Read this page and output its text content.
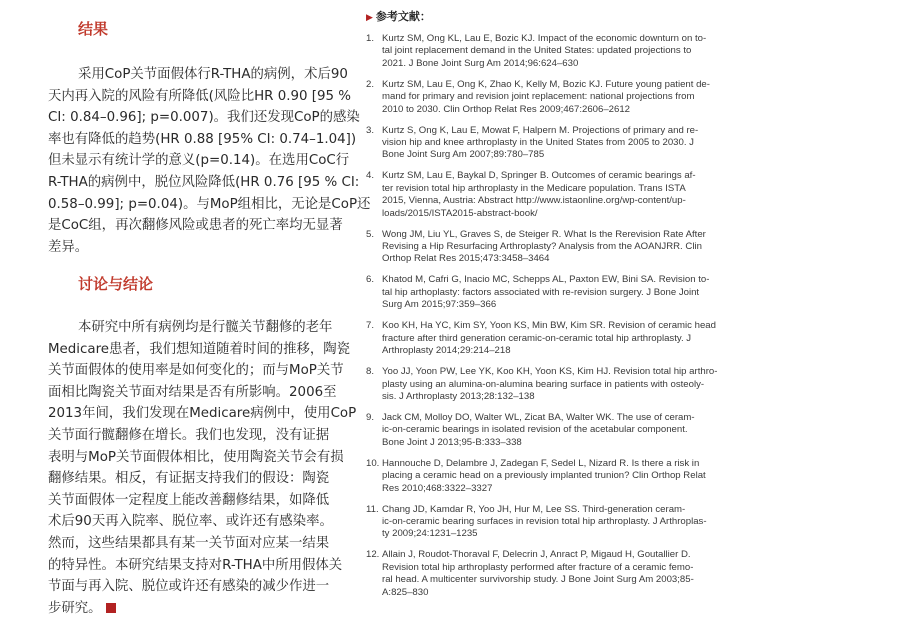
结果
采用CoP关节面假体行R-THA的病例，术后90
天内再入院的风险有所降低(风险比HR 0.90 [95 %
CI: 0.84–0.96]; p=0.007)。我们还发现CoP的感染
率也有降低的趋势(HR 0.88 [95% CI: 0.74–1.04])
但未显示有统计学的意义(p=0.14)。在选用CoC行
R-THA的病例中，脱位风险降低(HR 0.76 [95 % CI:
0.58–0.99]; p=0.04)。与MoP组相比，无论是CoP还
是CoC组，再次翻修风险或患者的死亡率均无显著
差异。
讨论与结论
本研究中所有病例均是行髋关节翻修的老年
Medicare患者，我们想知道随着时间的推移，陶瓷
关节面假体的使用率是如何变化的；而与MoP关节
面相比陶瓷关节面对结果是否有所影响。2006至
2013年间，我们发现在Medicare病例中，使用CoP
关节面行髋翻修在增长。我们也发现，没有证据
表明与MoP关节面假体相比，使用陶瓷关节会有损
翻修结果。相反，有证据支持我们的假设：陶瓷
关节面假体一定程度上能改善翻修结果，如降低
术后90天再入院率、脱位率、或许还有感染率。
然而，这些结果都具有某一关节面对应某一结果
的特异性。本研究结果支持对R-THA中所用假体关
节面与再入院、脱位或许还有感染的减少作进一
步研究。
▶ 参考文献：
1. Kurtz SM, Ong KL, Lau E, Bozic KJ. Impact of the economic downturn on to-
tal joint replacement demand in the United States: updated projections to
2021. J Bone Joint Surg Am 2014;96:624–630
2. Kurtz SM, Lau E, Ong K, Zhao K, Kelly M, Bozic KJ. Future young patient de-
mand for primary and revision joint replacement: national projections from
2010 to 2030. Clin Orthop Relat Res 2009;467:2606–2612
3. Kurtz S, Ong K, Lau E, Mowat F, Halpern M. Projections of primary and re-
vision hip and knee arthroplasty in the United States from 2005 to 2030. J
Bone Joint Surg Am 2007;89:780–785
4. Kurtz SM, Lau E, Baykal D, Springer B. Outcomes of ceramic bearings af-
ter revision total hip arthroplasty in the Medicare population. Trans ISTA
2015, Vienna, Austria: Abstract http://www.istaonline.org/wp-content/up-
loads/2015/ISTA2015-abstract-book/
5. Wong JM, Liu YL, Graves S, de Steiger R. What Is the Rerevision Rate After
Revising a Hip Resurfacing Arthroplasty? Analysis from the AOANJRR. Clin
Orthop Relat Res 2015;473:3458–3464
6. Khatod M, Cafri G, Inacio MC, Schepps AL, Paxton EW, Bini SA. Revision to-
tal hip arthoplasty: factors associated with re-revision surgery. J Bone Joint
Surg Am 2015;97:359–366
7. Koo KH, Ha YC, Kim SY, Yoon KS, Min BW, Kim SR. Revision of ceramic head
fracture after third generation ceramic-on-ceramic total hip arthroplasty. J
Arthroplasty 2014;29:214–218
8. Yoo JJ, Yoon PW, Lee YK, Koo KH, Yoon KS, Kim HJ. Revision total hip arthro-
plasty using an alumina-on-alumina bearing surface in patients with osteoly-
sis. J Arthroplasty 2013;28:132–138
9. Jack CM, Molloy DO, Walter WL, Zicat BA, Walter WK. The use of ceram-
ic-on-ceramic bearings in isolated revision of the acetabular component.
Bone Joint J 2013;95-B:333–338
10. Hannouche D, Delambre J, Zadegan F, Sedel L, Nizard R. Is there a risk in
placing a ceramic head on a previously implanted trunion? Clin Orthop Relat
Res 2010;468:3322–3327
11. Chang JD, Kamdar R, Yoo JH, Hur M, Lee SS. Third-generation ceram-
ic-on-ceramic bearing surfaces in revision total hip arthroplasty. J Arthroplas-
ty 2009;24:1231–1235
12. Allain J, Roudot-Thoraval F, Delecrin J, Anract P, Migaud H, Goutallier D.
Revision total hip arthroplasty performed after fracture of a ceramic femo-
ral head. A multicenter survivorship study. J Bone Joint Surg Am 2003;85-
A:825–830
